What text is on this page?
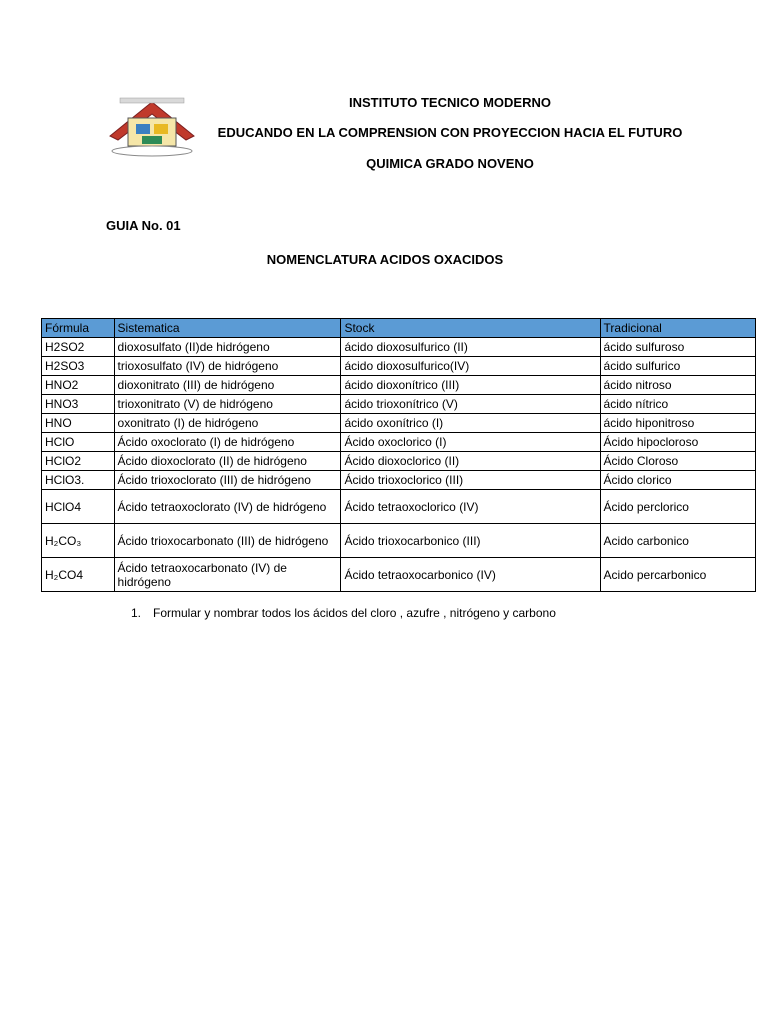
INSTITUTO TECNICO MODERNO
EDUCANDO EN LA COMPRENSION CON PROYECCION HACIA EL FUTURO
QUIMICA GRADO NOVENO
GUIA No. 01
NOMENCLATURA ACIDOS OXACIDOS
Fórmula	Sistematica	Stock	Tradicional
H2SO2	dioxosulfato (II)de hidrógeno	ácido dioxosulfurico (II)	ácido sulfuroso
H2SO3	trioxosulfato (IV) de hidrógeno	ácido dioxosulfurico(IV)	ácido sulfurico
HNO2	dioxonitrato (III) de hidrógeno	ácido dioxonítrico (III)	ácido nitroso
HNO3	trioxonitrato (V) de hidrógeno	ácido trioxonítrico (V)	ácido nítrico
HNO	oxonitrato (I) de hidrógeno	ácido oxonítrico (I)	ácido hiponitroso
HClO	Ácido oxoclorato (I) de hidrógeno	Ácido oxoclorico (I)	Ácido hipocloroso
HClO2	Ácido dioxoclorato (II) de hidrógeno	Ácido dioxoclorico (II)	Ácido Cloroso
HClO3.	Ácido trioxoclorato (III) de hidrógeno	Ácido trioxoclorico (III)	Ácido clorico
HClO4	Ácido tetraoxoclorato (IV) de hidrógeno	Ácido tetraoxoclorico (IV)	Ácido perclorico
H₂CO₃	Ácido trioxocarbonato (III) de hidrógeno	Ácido trioxocarbonico (III)	Acido carbonico
H₂CO4	Ácido tetraoxocarbonato (IV) de hidrógeno	Ácido tetraoxocarbonico (IV)	Acido percarbonico
1. Formular y nombrar todos los ácidos del cloro , azufre , nitrógeno y carbono
